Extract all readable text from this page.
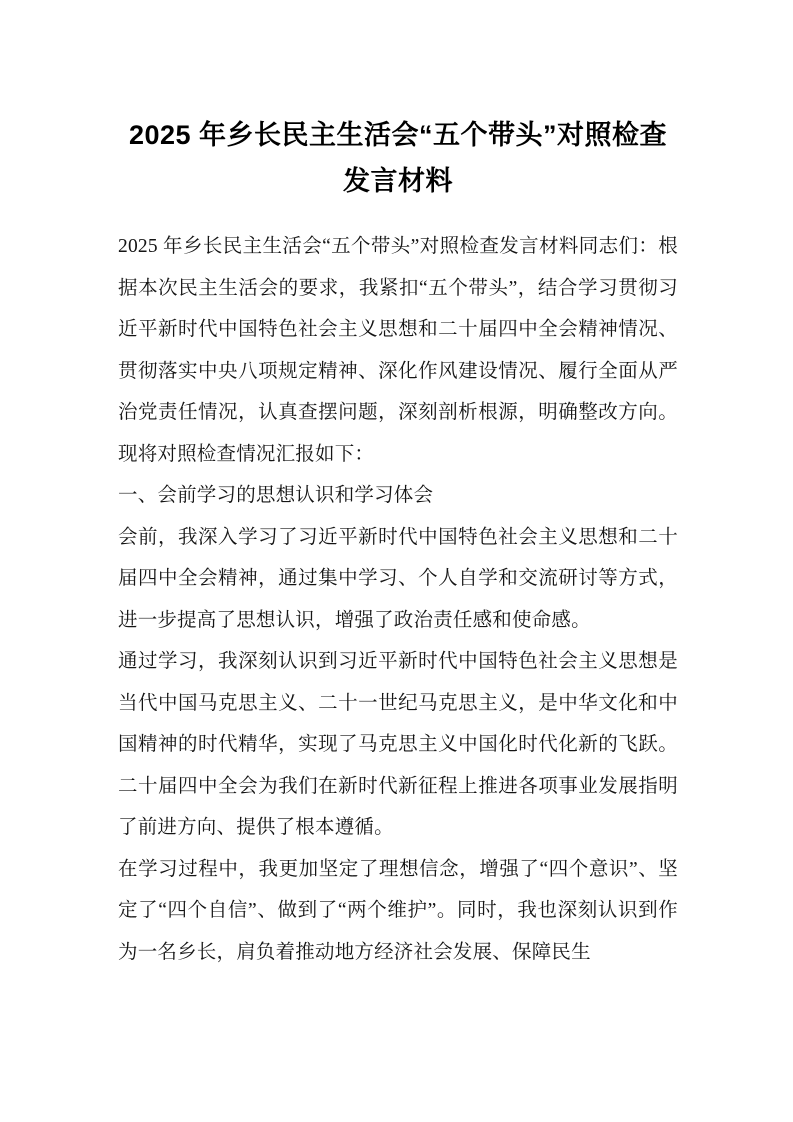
2025 年乡长民主生活会“五个带头”对照检查发言材料

2025 年乡长民主生活会“五个带头”对照检查发言材料同志们：根据本次民主生活会的要求，我紧扣“五个带头”，结合学习贯彻习近平新时代中国特色社会主义思想和二十届四中全会精神情况、贯彻落实中央八项规定精神、深化作风建设情况、履行全面从严治党责任情况，认真查摆问题，深刻剖析根源，明确整改方向。现将对照检查情况汇报如下：

一、会前学习的思想认识和学习体会

会前，我深入学习了习近平新时代中国特色社会主义思想和二十届四中全会精神，通过集中学习、个人自学和交流研讨等方式，进一步提高了思想认识，增强了政治责任感和使命感。

通过学习，我深刻认识到习近平新时代中国特色社会主义思想是当代中国马克思主义、二十一世纪马克思主义，是中华文化和中国精神的时代精华，实现了马克思主义中国化时代化新的飞跃。二十届四中全会为我们在新时代新征程上推进各项事业发展指明了前进方向、提供了根本遵循。

在学习过程中，我更加坚定了理想信念，增强了“四个意识”、坚定了“四个自信”、做到了“两个维护”。同时，我也深刻认识到作为一名乡长，肩负着推动地方经济社会发展、保障民生
